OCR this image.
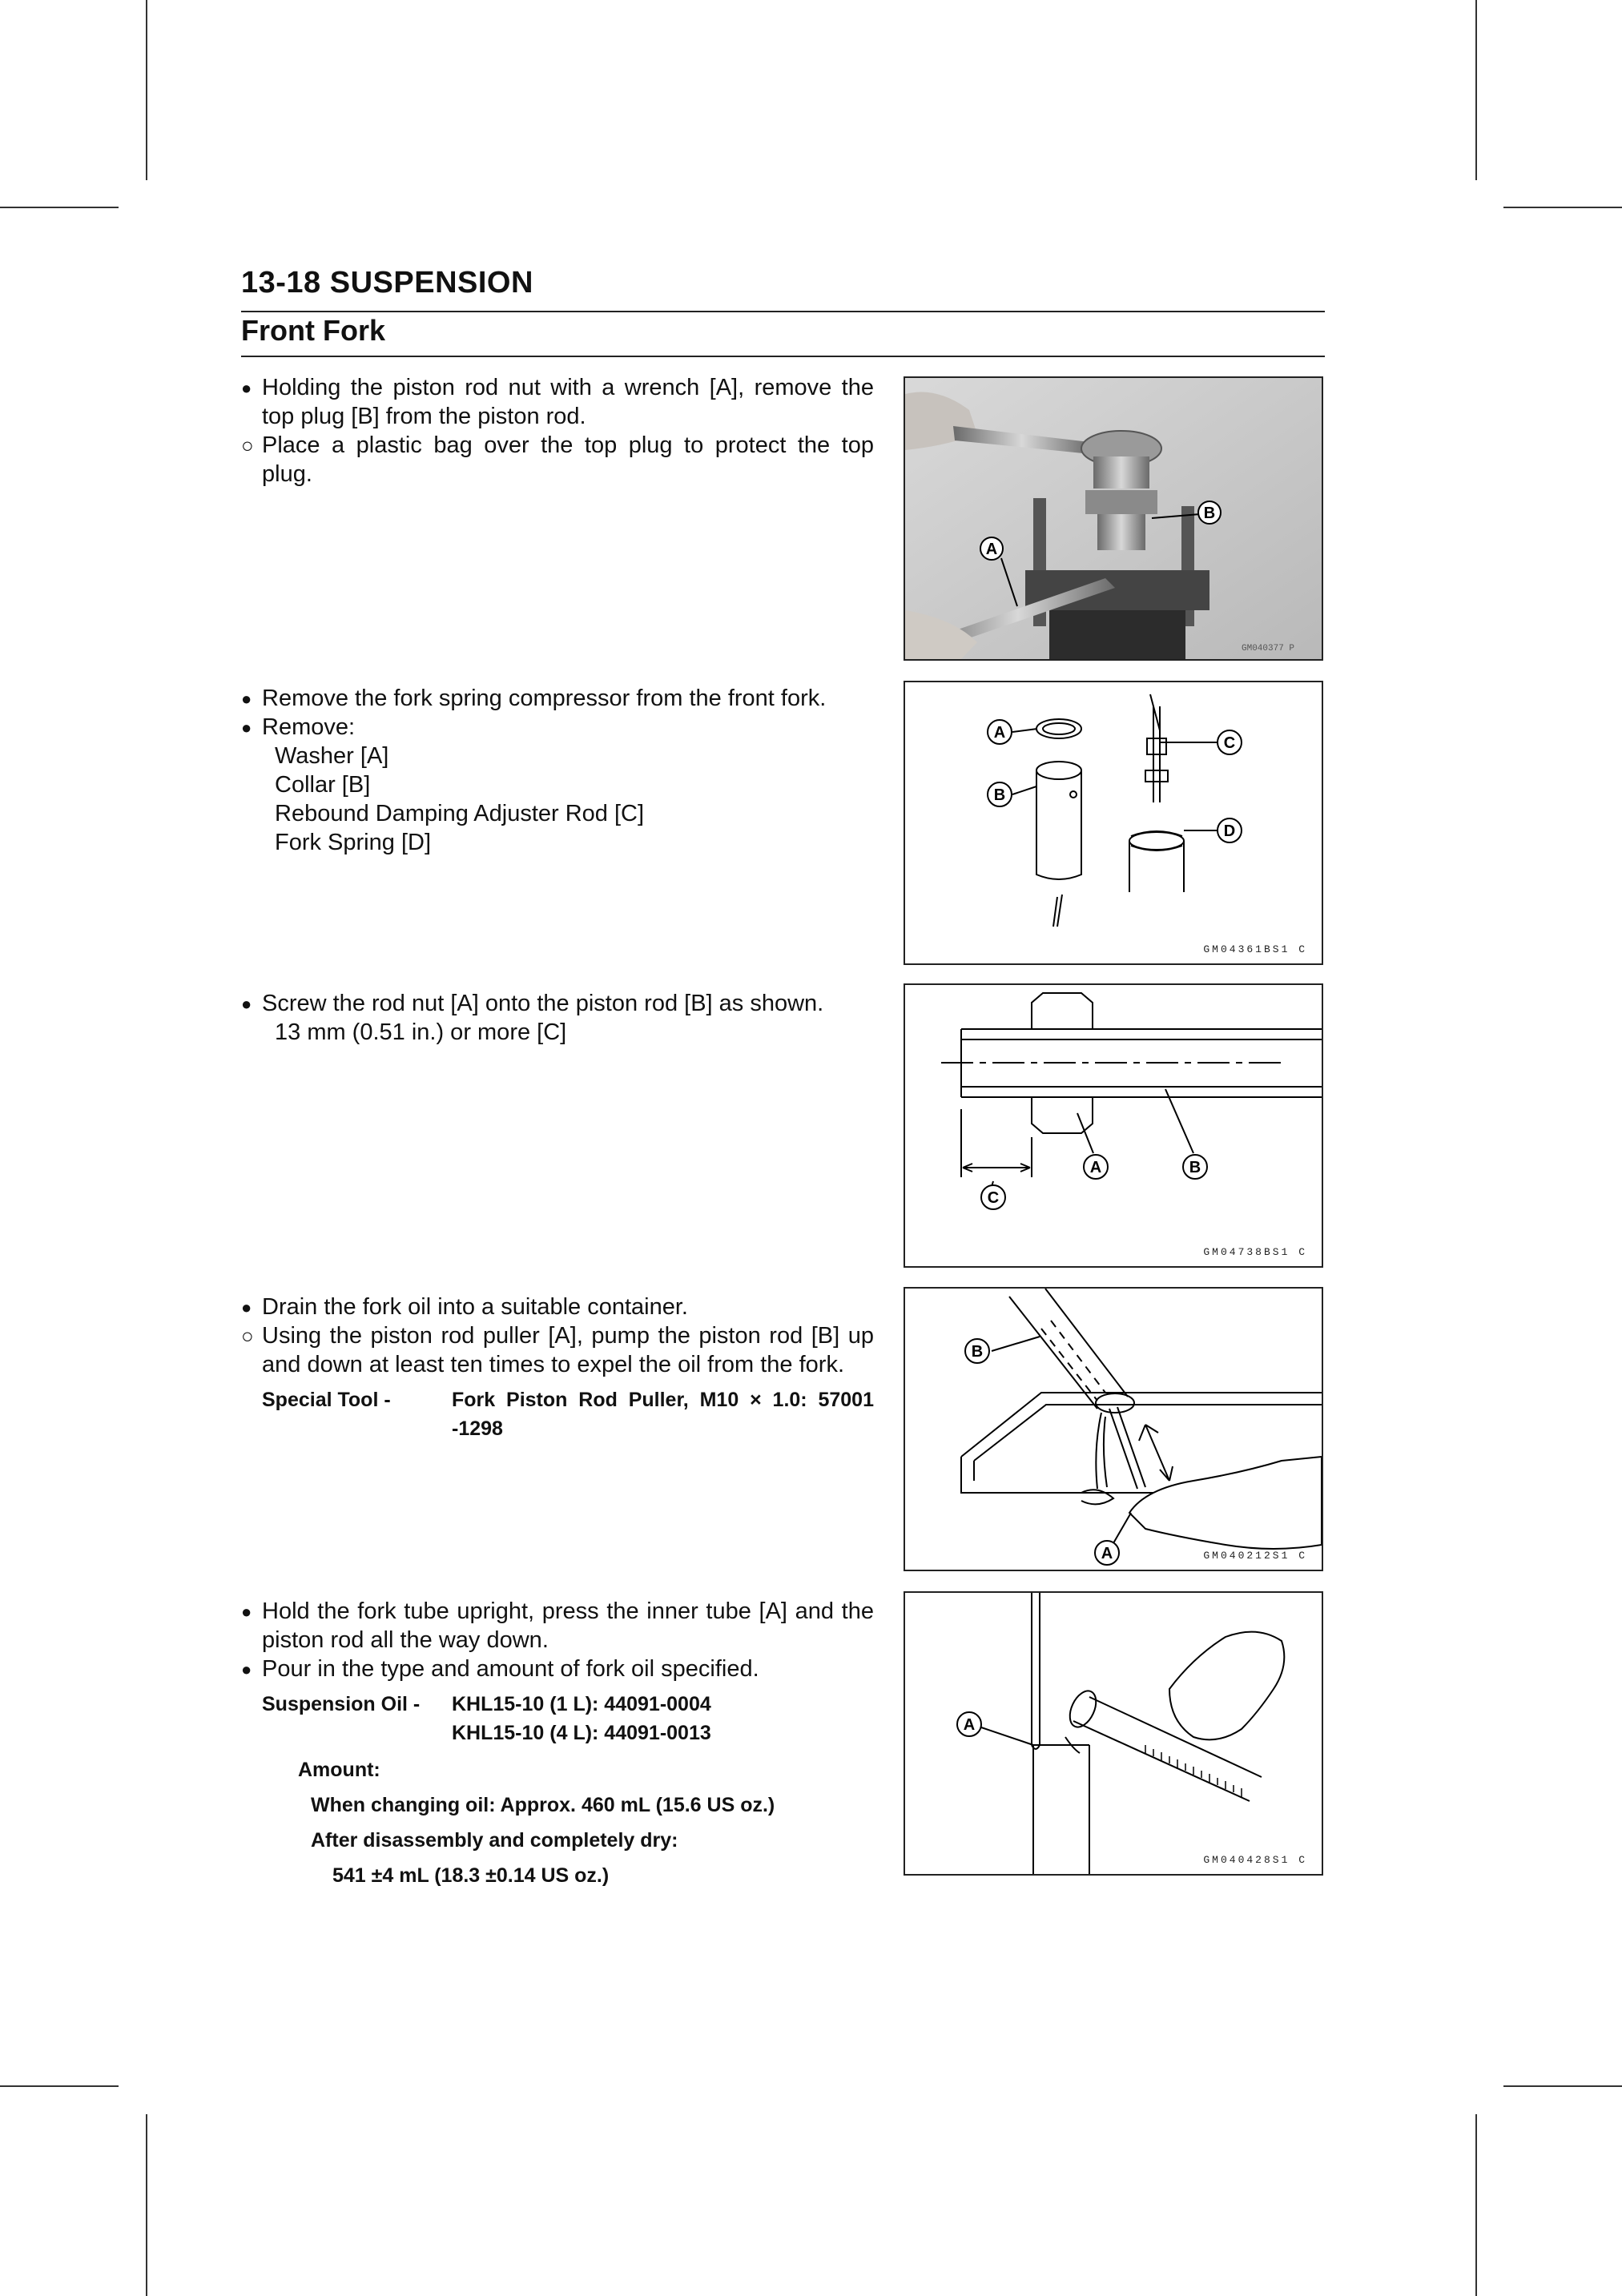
13-18 SUSPENSION
Front Fork

● Holding the piston rod nut with a wrench [A], remove the top plug [B] from the piston rod.

○ Place a plastic bag over the top plug to protect the top plug.

B
A
GM040377 P

● Remove the fork spring compressor from the front fork.

● Remove:

Washer [A]

Collar [B]

Rebound Damping Adjuster Rod [C]

Fork Spring [D]

A
B
C
D
GM04361BS1 C

● Screw the rod nut [A] onto the piston rod [B] as shown.

13 mm (0.51 in.) or more [C]

A	B
C
GM04738BS1 C

● Drain the fork oil into a suitable container.

○ Using the piston rod puller [A], pump the piston rod [B] up and down at least ten times to expel the oil from the fork.

Special Tool -	Fork Piston Rod Puller, M10 × 1.0: 57001
-1298
B
A	GM040212S1 C

● Hold the fork tube upright, press the inner tube [A] and the piston rod all the way down.

● Pour in the type and amount of fork oil specified.

Suspension Oil -	KHL15-10 (1 L): 44091-0004
KHL15-10 (4 L): 44091-0013
Amount:
When changing oil: Approx. 460 mL (15.6 US oz.)
After disassembly and completely dry:
541 ±4 mL (18.3 ±0.14 US oz.)
A
GM040428S1 C
